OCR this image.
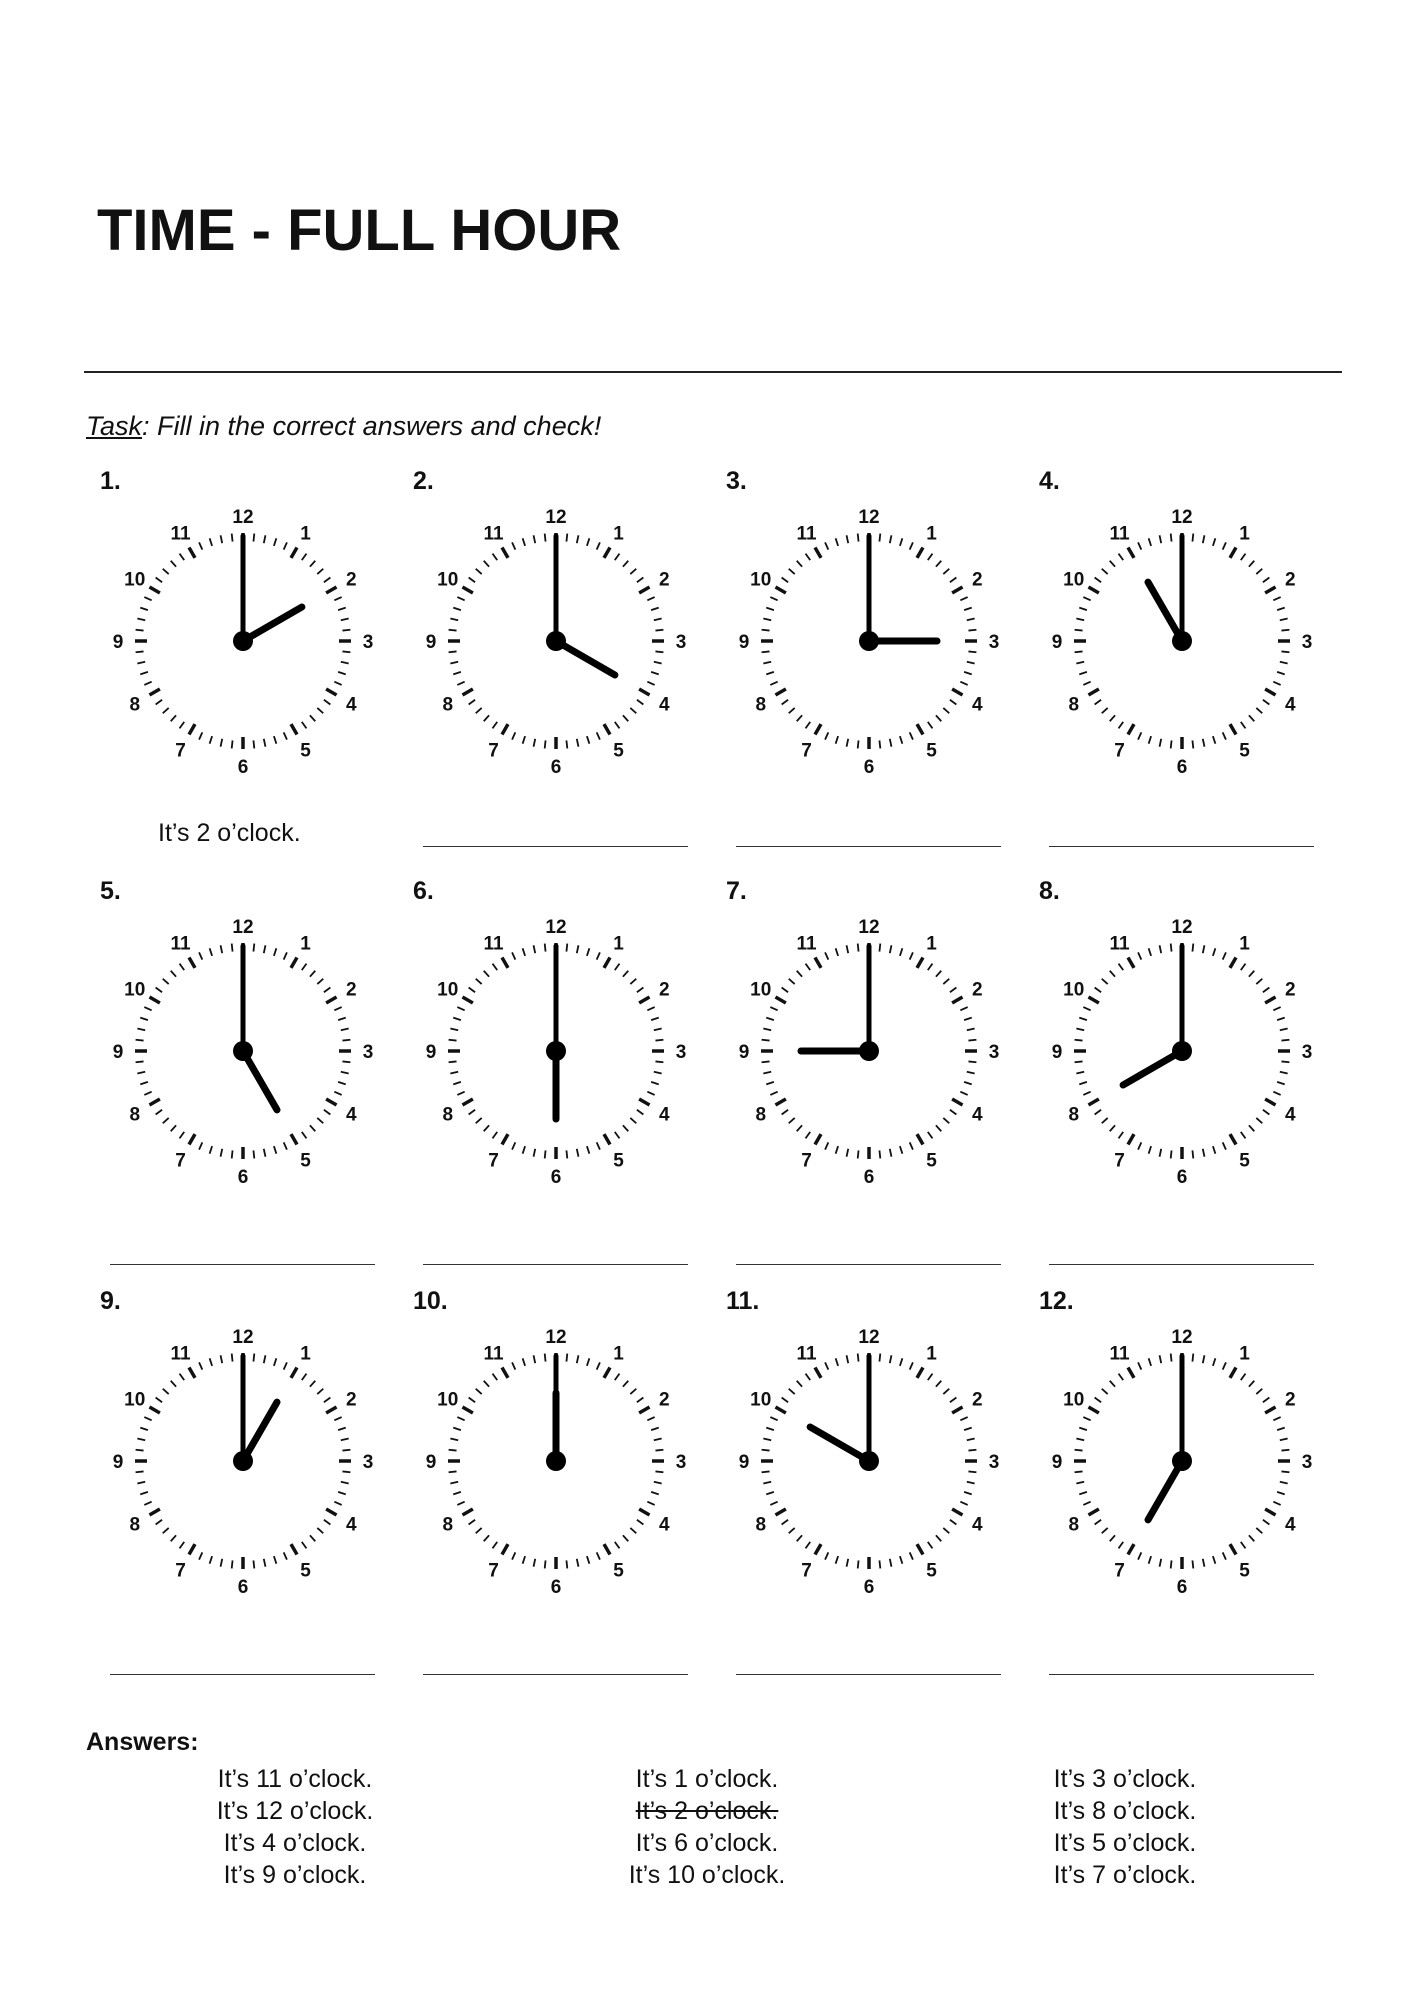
TIME - FULL HOUR
Task: Fill in the correct answers and check!
1.
12
1
2
3
4
5
6
7
8
9
10
11
It’s 2 o’clock.
2.
12
1
2
3
4
5
6
7
8
9
10
11
3.
12
1
2
3
4
5
6
7
8
9
10
11
4.
12
1
2
3
4
5
6
7
8
9
10
11
5.
12
1
2
3
4
5
6
7
8
9
10
11
6.
12
1
2
3
4
5
6
7
8
9
10
11
7.
12
1
2
3
4
5
6
7
8
9
10
11
8.
12
1
2
3
4
5
6
7
8
9
10
11
9.
12
1
2
3
4
5
6
7
8
9
10
11
10.
12
1
2
3
4
5
6
7
8
9
10
11
11.
12
1
2
3
4
5
6
7
8
9
10
11
12.
12
1
2
3
4
5
6
7
8
9
10
11
Answers:
It’s 11 o’clock.
It’s 12 o’clock.
It’s 4 o’clock.
It’s 9 o’clock.
It’s 1 o’clock.
It’s 2 o’clock.
It’s 6 o’clock.
It’s 10 o’clock.
It’s 3 o’clock.
It’s 8 o’clock.
It’s 5 o’clock.
It’s 7 o’clock.
